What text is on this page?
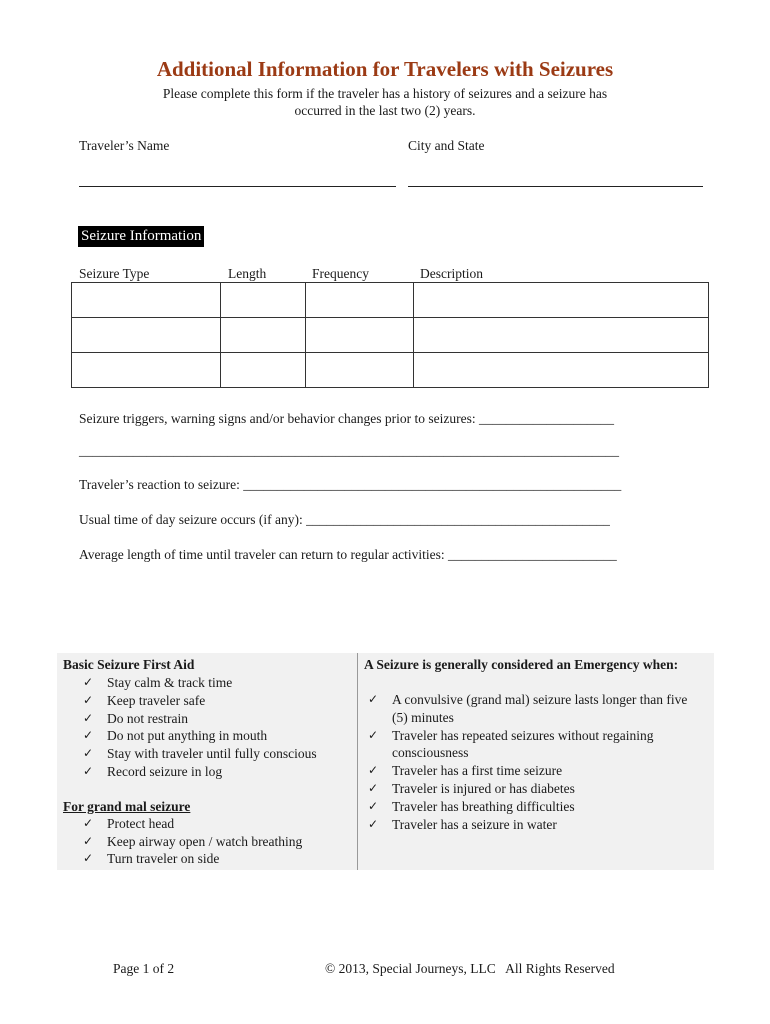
Additional Information for Travelers with Seizures
Please complete this form if the traveler has a history of seizures and a seizure has
occurred in the last two (2) years.
Traveler’s Name	City and State
Seizure Information
Seizure Type	Length	Frequency	Description

Seizure triggers, warning signs and/or behavior changes prior to seizures: ____________________
________________________________________________________________________________
Traveler’s reaction to seizure: ________________________________________________________
Usual time of day seizure occurs (if any): _____________________________________________
Average length of time until traveler can return to regular activities: _________________________
Basic Seizure First Aid
✓ Stay calm & track time
✓ Keep traveler safe
✓ Do not restrain
✓ Do not put anything in mouth
✓ Stay with traveler until fully conscious
✓ Record seizure in log
For grand mal seizure
✓ Protect head
✓ Keep airway open / watch breathing
✓ Turn traveler on side
A Seizure is generally considered an Emergency when:
✓ A convulsive (grand mal) seizure lasts longer than five (5) minutes
✓ Traveler has repeated seizures without regaining consciousness
✓ Traveler has a first time seizure
✓ Traveler is injured or has diabetes
✓ Traveler has breathing difficulties
✓ Traveler has a seizure in water
Page 1 of 2	© 2013, Special Journeys, LLC   All Rights Reserved
